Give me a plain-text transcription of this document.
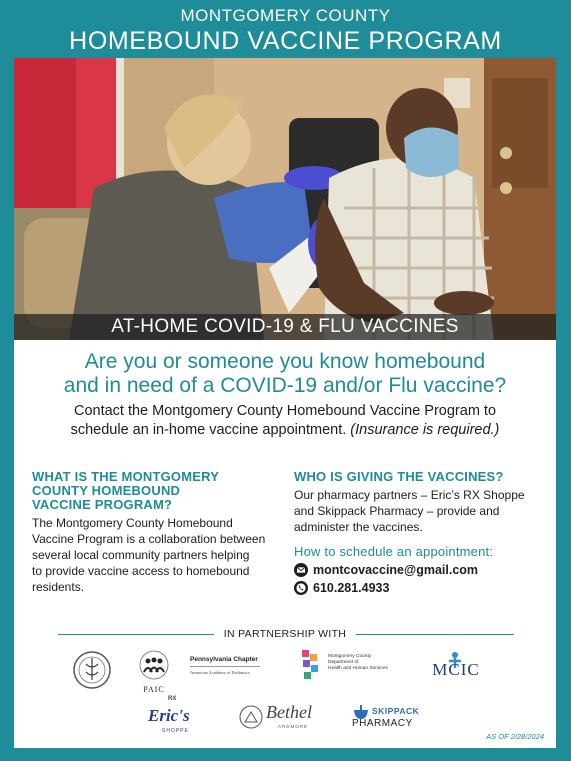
MONTGOMERY COUNTY
HOMEBOUND VACCINE PROGRAM
AT-HOME COVID-19 & FLU VACCINES
Are you or someone you know homebound
and in need of a COVID-19 and/or Flu vaccine?
Contact the Montgomery County Homebound Vaccine Program to
schedule an in-home vaccine appointment. (Insurance is required.)
WHAT IS THE MONTGOMERY
COUNTY HOMEBOUND
VACCINE PROGRAM?
The Montgomery County Homebound
Vaccine Program is a collaboration between
several local community partners helping
to provide vaccine access to homebound
residents.
WHO IS GIVING THE VACCINES?
Our pharmacy partners – Eric’s RX Shoppe
and Skippack Pharmacy – provide and
administer the vaccines.
How to schedule an appointment:
montcovaccine@gmail.com
610.281.4933
IN PARTNERSHIP WITH
PAIC
Pennsylvania Chapter
American Academy of Pediatrics
Montgomery County
Department of
Health and Human Services	MCIC
RX
Eric's
SHOPPE
Bethel
ARDMORE
SKIPPACK
PHARMACY
AS OF 2/28/2024
